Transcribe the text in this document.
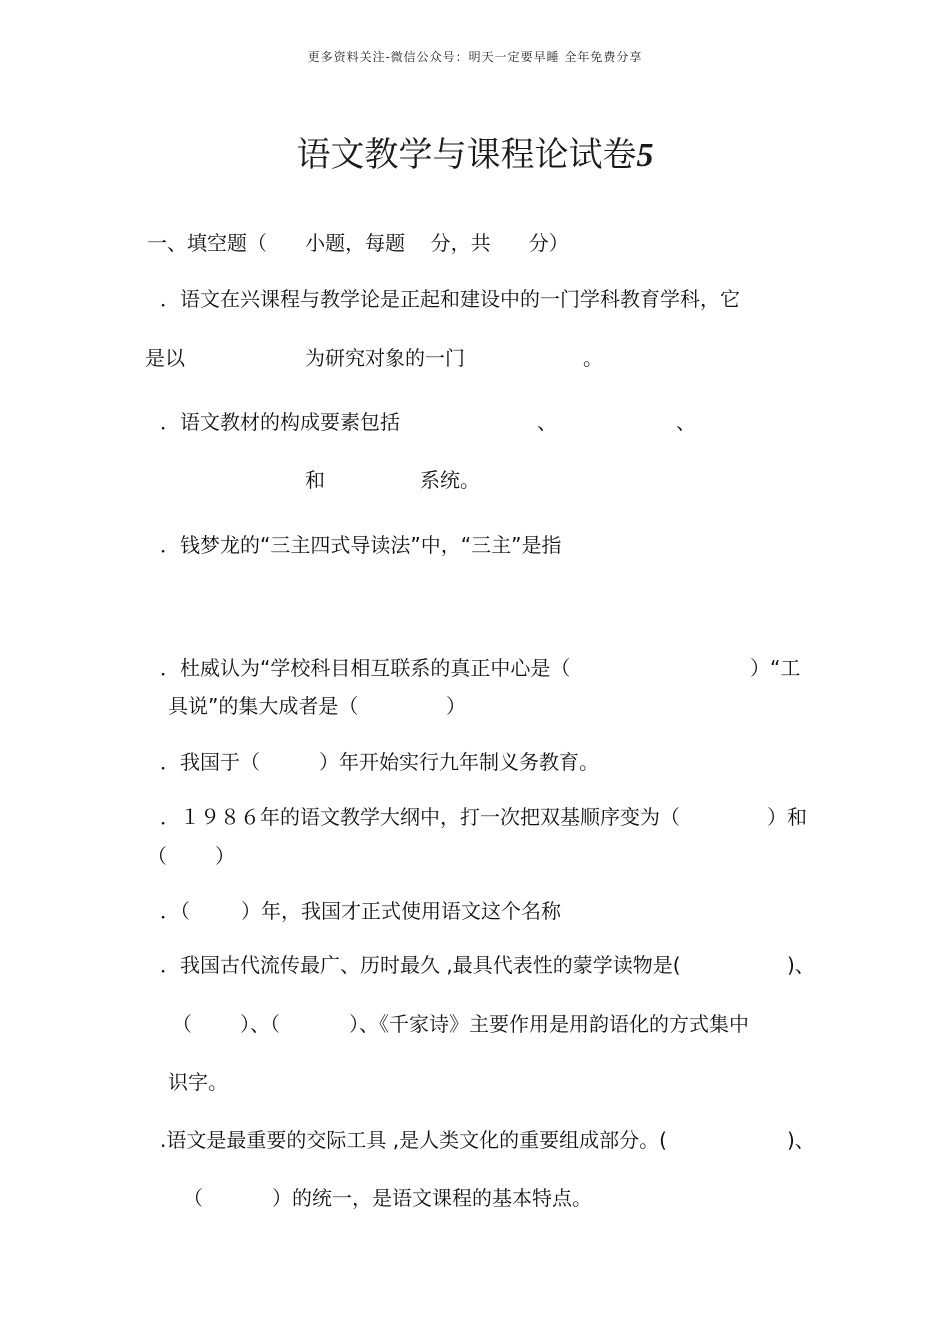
更多资料关注-微信公众号：明天一定要早睡 全年免费分享
语文教学与课程论试卷5
一、填空题（      小题，每题    分，共      分）
．语文在兴课程与教学论是正起和建设中的一门学科教育学科，它
是以	为研究对象的一门	。
．语文教材的构成要素包括	、	、
和	系统。
．钱梦龙的“三主四式导读法”中，“三主”是指
．杜威认为“学校科目相互联系的真正中心是（	）“工
具说”的集大成者是（	）
．我国于（	）年开始实行九年制义务教育。
．１９８６年的语文教学大纲中，打一次把双基顺序变为（	）和
（ ）
．（	）年，我国才正式使用语文这个名称
．我国古代流传最广、历时最久 ,最具代表性的蒙学读物是(	)、
（ ）、（	）、《千家诗》主要作用是用韵语化的方式集中
识字。
.语文是最重要的交际工具 ,是人类文化的重要组成部分。(	)、
（	）的统一，是语文课程的基本特点。
